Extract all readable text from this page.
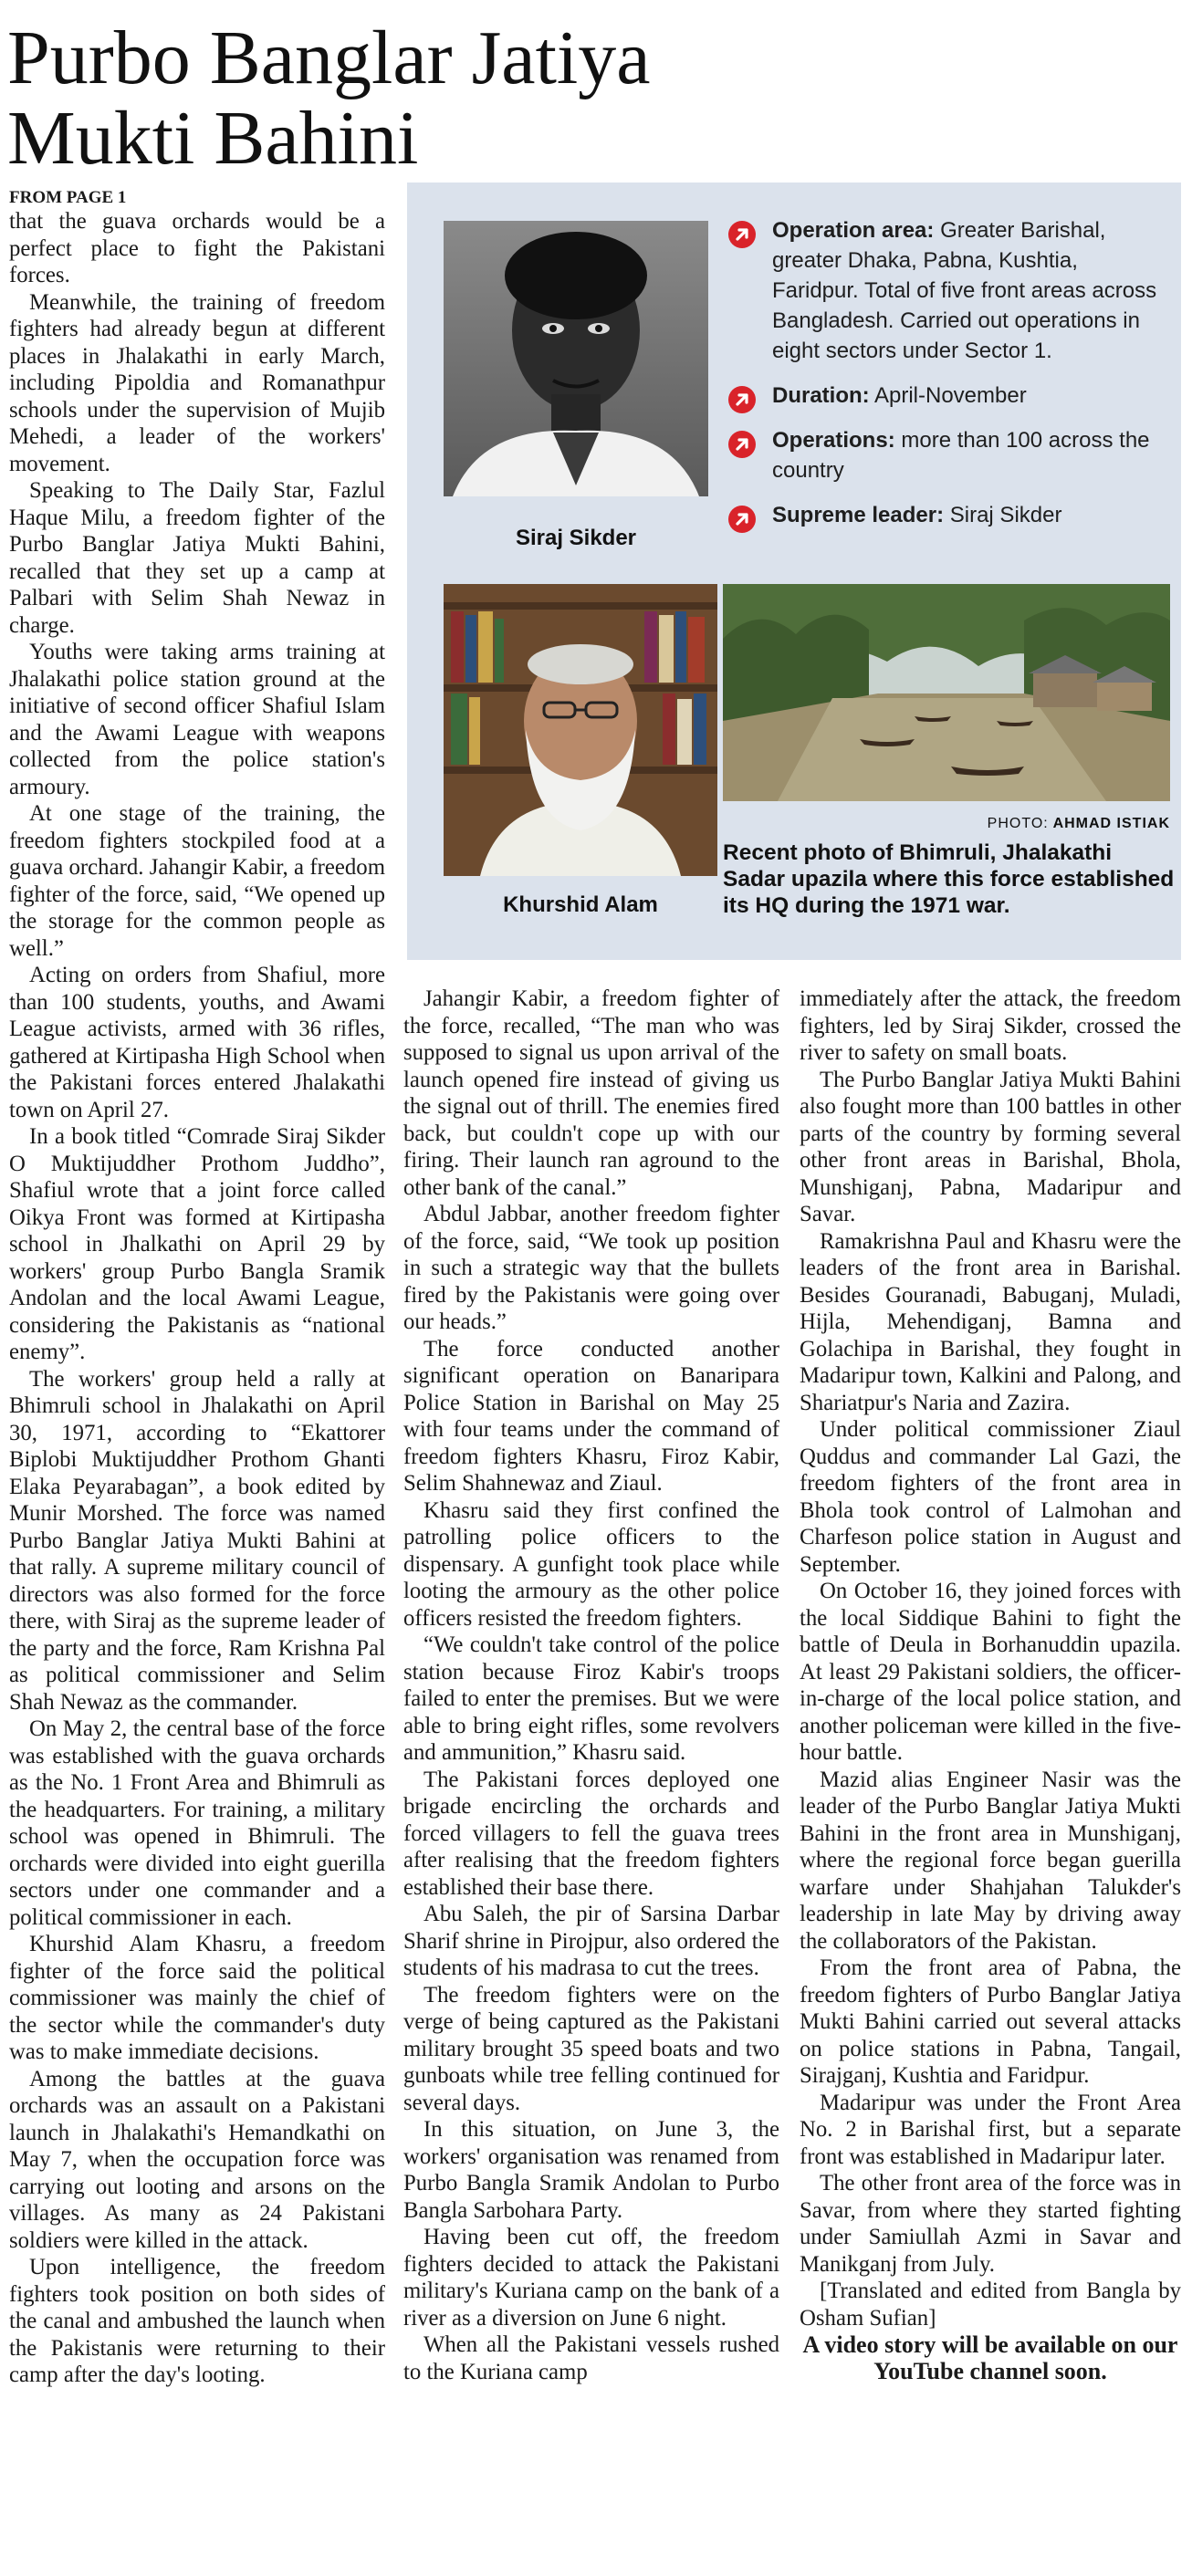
Purbo Banglar Jatiya Mukti Bahini
FROM PAGE 1

that the guava orchards would be a perfect place to fight the Pakistani forces.

Meanwhile, the training of freedom fighters had already begun at different places in Jhalakathi in early March, including Pipoldia and Romanathpur schools under the supervision of Mujib Mehedi, a leader of the workers' movement.

Speaking to The Daily Star, Fazlul Haque Milu, a freedom fighter of the Purbo Banglar Jatiya Mukti Bahini, recalled that they set up a camp at Palbari with Selim Shah Newaz in charge.

Youths were taking arms training at Jhalakathi police station ground at the initiative of second officer Shafiul Islam and the Awami League with weapons collected from the police station's armoury.

At one stage of the training, the freedom fighters stockpiled food at a guava orchard. Jahangir Kabir, a freedom fighter of the force, said, “We opened up the storage for the common people as well.”

Acting on orders from Shafiul, more than 100 students, youths, and Awami League activists, armed with 36 rifles, gathered at Kirtipasha High School when the Pakistani forces entered Jhalakathi town on April 27.

In a book titled “Comrade Siraj Sikder O Muktijuddher Prothom Juddho”, Shafiul wrote that a joint force called Oikya Front was formed at Kirtipasha school in Jhalkathi on April 29 by workers' group Purbo Bangla Sramik Andolan and the local Awami League, considering the Pakistanis as “national enemy”.

The workers' group held a rally at Bhimruli school in Jhalakathi on April 30, 1971, according to “Ekattorer Biplobi Muktijuddher Prothom Ghanti Elaka Peyarabagan”, a book edited by Munir Morshed. The force was named Purbo Banglar Jatiya Mukti Bahini at that rally. A supreme military council of directors was also formed for the force there, with Siraj as the supreme leader of the party and the force, Ram Krishna Pal as political commissioner and Selim Shah Newaz as the commander.

On May 2, the central base of the force was established with the guava orchards as the No. 1 Front Area and Bhimruli as the headquarters. For training, a military school was opened in Bhimruli. The orchards were divided into eight guerilla sectors under one commander and a political commissioner in each.

Khurshid Alam Khasru, a freedom fighter of the force said the political commissioner was mainly the chief of the sector while the commander's duty was to make immediate decisions.

Among the battles at the guava orchards was an assault on a Pakistani launch in Jhalakathi's Hemandkathi on May 7, when the occupation force was carrying out looting and arsons on the villages. As many as 24 Pakistani soldiers were killed in the attack.

Upon intelligence, the freedom fighters took position on both sides of the canal and ambushed the launch when the Pakistanis were returning to their camp after the day's looting.

Siraj Sikder
Operation area: Greater Barishal, greater Dhaka, Pabna, Kushtia, Faridpur. Total of five front areas across Bangladesh. Carried out operations in eight sectors under Sector 1.
Duration: April-November
Operations: more than 100 across the country
Supreme leader: Siraj Sikder
Khurshid Alam
PHOTO: AHMAD ISTIAK
Recent photo of Bhimruli, Jhalakathi Sadar upazila where this force established its HQ during the 1971 war.

Jahangir Kabir, a freedom fighter of the force, recalled, “The man who was supposed to signal us upon arrival of the launch opened fire instead of giving us the signal out of thrill. The enemies fired back, but couldn't cope up with our firing. Their launch ran aground to the other bank of the canal.”

Abdul Jabbar, another freedom fighter of the force, said, “We took up position in such a strategic way that the bullets fired by the Pakistanis were going over our heads.”

The force conducted another significant operation on Banaripara Police Station in Barishal on May 25 with four teams under the command of freedom fighters Khasru, Firoz Kabir, Selim Shahnewaz and Ziaul.

Khasru said they first confined the patrolling police officers to the dispensary. A gunfight took place while looting the armoury as the other police officers resisted the freedom fighters.

“We couldn't take control of the police station because Firoz Kabir's troops failed to enter the premises. But we were able to bring eight rifles, some revolvers and ammunition,” Khasru said.

The Pakistani forces deployed one brigade encircling the orchards and forced villagers to fell the guava trees after realising that the freedom fighters established their base there.

Abu Saleh, the pir of Sarsina Darbar Sharif shrine in Pirojpur, also ordered the students of his madrasa to cut the trees.

The freedom fighters were on the verge of being captured as the Pakistani military brought 35 speed boats and two gunboats while tree felling continued for several days.

In this situation, on June 3, the workers' organisation was renamed from Purbo Bangla Sramik Andolan to Purbo Bangla Sarbohara Party.

Having been cut off, the freedom fighters decided to attack the Pakistani military's Kuriana camp on the bank of a river as a diversion on June 6 night.

When all the Pakistani vessels rushed to the Kuriana camp

immediately after the attack, the freedom fighters, led by Siraj Sikder, crossed the river to safety on small boats.

The Purbo Banglar Jatiya Mukti Bahini also fought more than 100 battles in other parts of the country by forming several other front areas in Barishal, Bhola, Munshiganj, Pabna, Madaripur and Savar.

Ramakrishna Paul and Khasru were the leaders of the front area in Barishal. Besides Gouranadi, Babuganj, Muladi, Hijla, Mehendiganj, Bamna and Golachipa in Barishal, they fought in Madaripur town, Kalkini and Palong, and Shariatpur's Naria and Zazira.

Under political commissioner Ziaul Quddus and commander Lal Gazi, the freedom fighters of the front area in Bhola took control of Lalmohan and Charfeson police station in August and September.

On October 16, they joined forces with the local Siddique Bahini to fight the battle of Deula in Borhanuddin upazila. At least 29 Pakistani soldiers, the officer-in-charge of the local police station, and another policeman were killed in the five-hour battle.

Mazid alias Engineer Nasir was the leader of the Purbo Banglar Jatiya Mukti Bahini in the front area in Munshiganj, where the regional force began guerilla warfare under Shahjahan Talukder's leadership in late May by driving away the collaborators of the Pakistan.

From the front area of Pabna, the freedom fighters of Purbo Banglar Jatiya Mukti Bahini carried out several attacks on police stations in Pabna, Tangail, Sirajganj, Kushtia and Faridpur.

Madaripur was under the Front Area No. 2 in Barishal first, but a separate front was established in Madaripur later.

The other front area of the force was in Savar, from where they started fighting under Samiullah Azmi in Savar and Manikganj from July.

[Translated and edited from Bangla by Osham Sufian]

A video story will be available on our YouTube channel soon.
